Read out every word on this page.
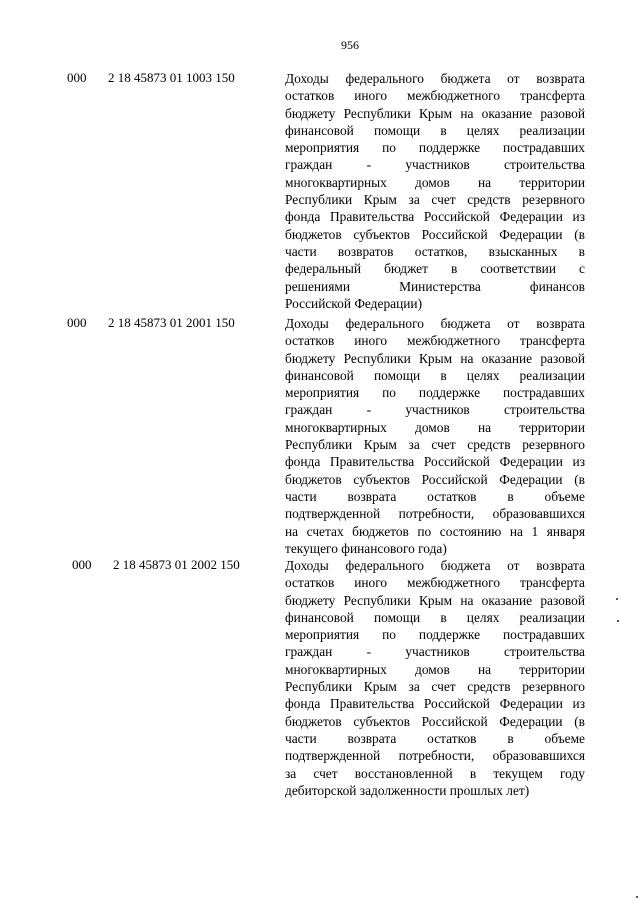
956
000 2 18 45873 01 1003 150	Доходы федерального бюджета от возврата
остатков иного межбюджетного трансферта
бюджету Республики Крым на оказание разовой
финансовой помощи в целях реализации
мероприятия по поддержке пострадавших
граждан - участников строительства
многоквартирных домов на территории
Республики Крым за счет средств резервного
фонда Правительства Российской Федерации из
бюджетов субъектов Российской Федерации (в
части возвратов остатков, взысканных в
федеральный бюджет в соответствии с
решениями Министерства финансов
Российской Федерации)
000 2 18 45873 01 2001 150	Доходы федерального бюджета от возврата
остатков иного межбюджетного трансферта
бюджету Республики Крым на оказание разовой
финансовой помощи в целях реализации
мероприятия по поддержке пострадавших
граждан - участников строительства
многоквартирных домов на территории
Республики Крым за счет средств резервного
фонда Правительства Российской Федерации из
бюджетов субъектов Российской Федерации (в
части возврата остатков в объеме
подтвержденной потребности, образовавшихся
на счетах бюджетов по состоянию на 1 января
текущего финансового года)
000 2 18 45873 01 2002 150	Доходы федерального бюджета от возврата
остатков иного межбюджетного трансферта
бюджету Республики Крым на оказание разовой
финансовой помощи в целях реализации
мероприятия по поддержке пострадавших
граждан - участников строительства
многоквартирных домов на территории
Республики Крым за счет средств резервного
фонда Правительства Российской Федерации из
бюджетов субъектов Российской Федерации (в
части возврата остатков в объеме
подтвержденной потребности, образовавшихся
за счет восстановленной в текущем году
дебиторской задолженности прошлых лет)
